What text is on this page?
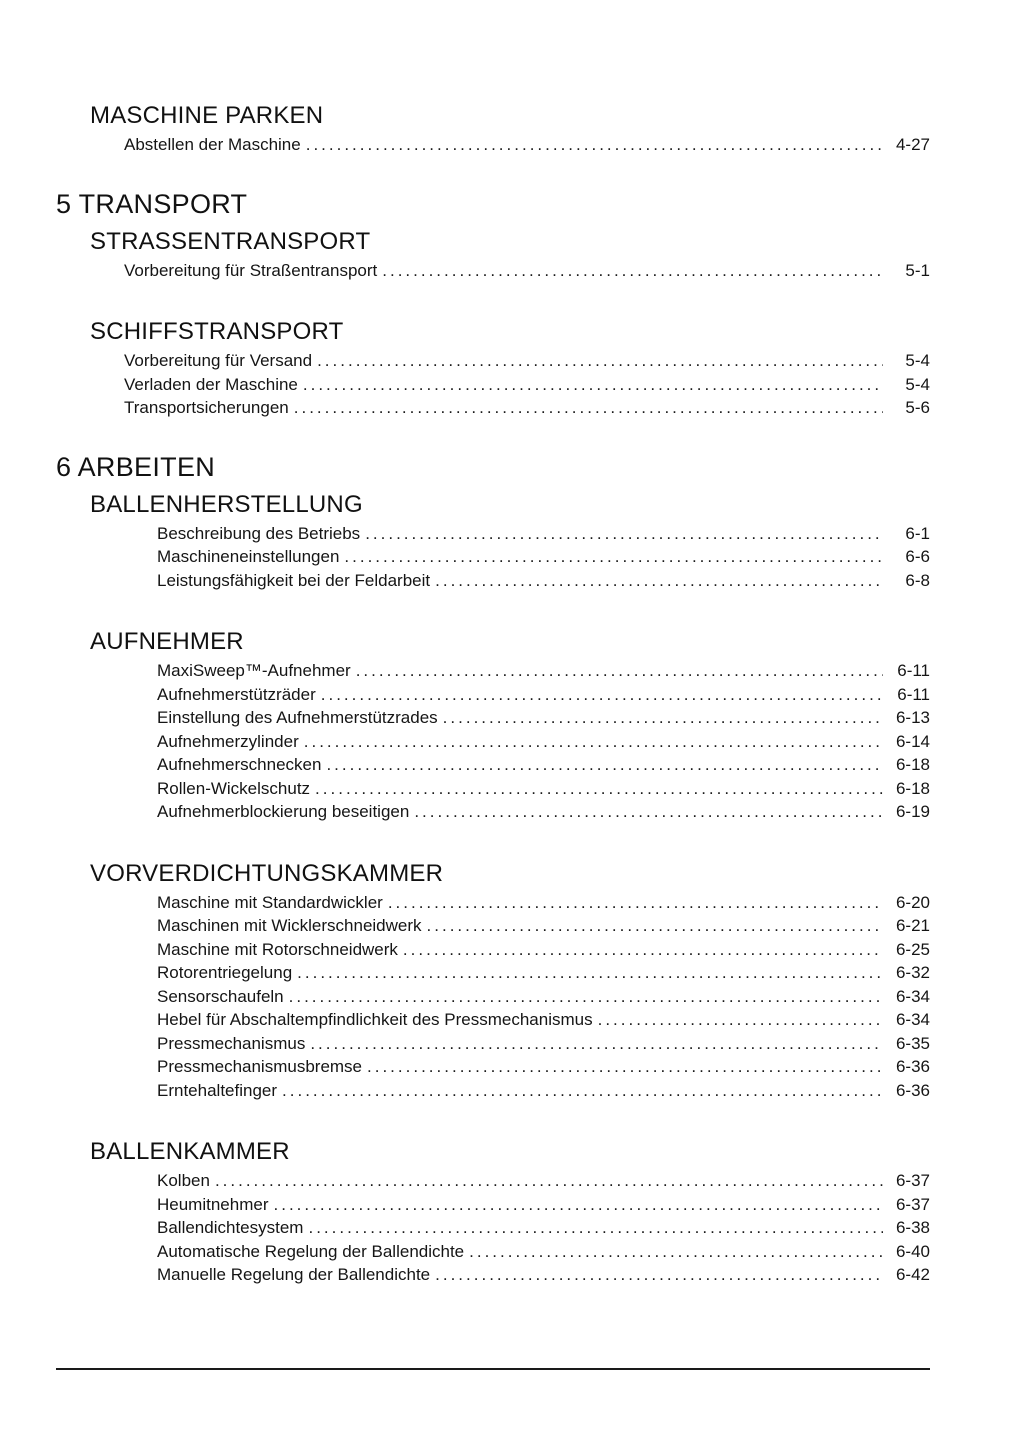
MASCHINE PARKEN
Abstellen der Maschine .....	4-27
5 TRANSPORT
STRASSENTRANSPORT
Vorbereitung für Straßentransport .....	5-1
SCHIFFSTRANSPORT
Vorbereitung für Versand .....	5-4
Verladen der Maschine .....	5-4
Transportsicherungen .....	5-6
6 ARBEITEN
BALLENHERSTELLUNG
Beschreibung des Betriebs .....	6-1
Maschineneinstellungen .....	6-6
Leistungsfähigkeit bei der Feldarbeit .....	6-8
AUFNEHMER
MaxiSweep™-Aufnehmer .....	6-11
Aufnehmerstützräder .....	6-11
Einstellung des Aufnehmerstützrades .....	6-13
Aufnehmerzylinder .....	6-14
Aufnehmerschnecken .....	6-18
Rollen-Wickelschutz .....	6-18
Aufnehmerblockierung beseitigen .....	6-19
VORVERDICHTUNGSKAMMER
Maschine mit Standardwickler .....	6-20
Maschinen mit Wicklerschneidwerk .....	6-21
Maschine mit Rotorschneidwerk .....	6-25
Rotorentriegelung .....	6-32
Sensorschaufeln .....	6-34
Hebel für Abschaltempfindlichkeit des Pressmechanismus .....	6-34
Pressmechanismus .....	6-35
Pressmechanismusbremse .....	6-36
Erntehaltefinger .....	6-36
BALLENKAMMER
Kolben .....	6-37
Heumitnehmer .....	6-37
Ballendichtesystem .....	6-38
Automatische Regelung der Ballendichte .....	6-40
Manuelle Regelung der Ballendichte .....	6-42
